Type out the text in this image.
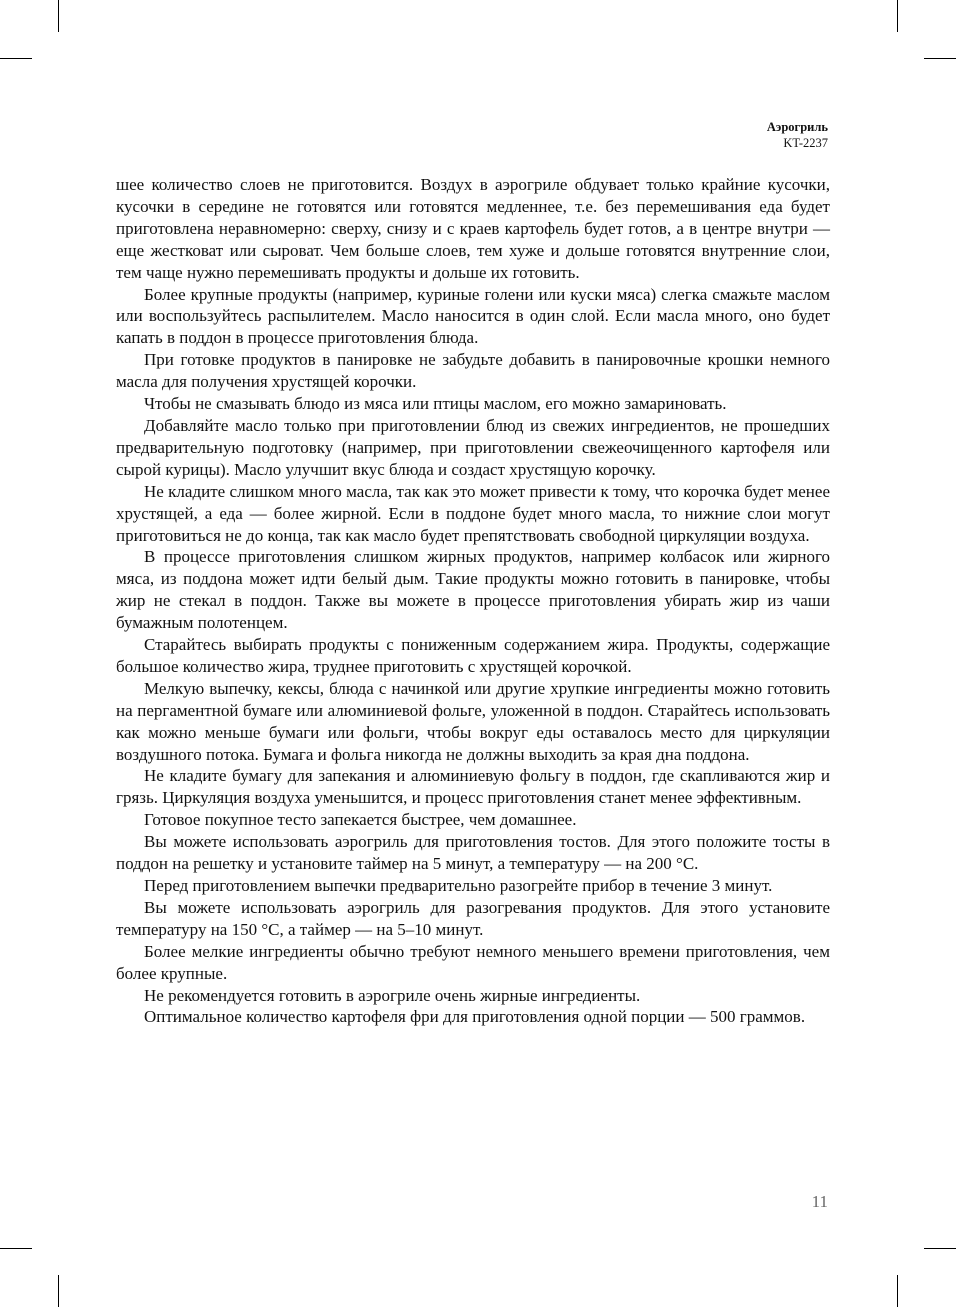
Аэрогриль
KT-2237

шее количество слоев не приготовится. Воздух в аэрогриле обдувает только крайние кусочки, кусочки в середине не готовятся или готовятся медленнее, т.е. без перемешивания еда будет приготовлена неравномерно: сверху, снизу и с краев картофель будет готов, а в центре внутри — еще жестковат или сыроват. Чем больше слоев, тем хуже и дольше готовятся внутренние слои, тем чаще нужно перемешивать продукты и дольше их готовить.

Более крупные продукты (например, куриные голени или куски мяса) слегка смажьте маслом или воспользуйтесь распылителем. Масло наносится в один слой. Если масла много, оно будет капать в поддон в процессе приготовления блюда.

При готовке продуктов в панировке не забудьте добавить в панировочные крошки немного масла для получения хрустящей корочки.

Чтобы не смазывать блюдо из мяса или птицы маслом, его можно замариновать.

Добавляйте масло только при приготовлении блюд из свежих ингредиентов, не прошедших предварительную подготовку (например, при приготовлении свежеочищенного картофеля или сырой курицы). Масло улучшит вкус блюда и создаст хрустящую корочку.

Не кладите слишком много масла, так как это может привести к тому, что корочка будет менее хрустящей, а еда — более жирной. Если в поддоне будет много масла, то нижние слои могут приготовиться не до конца, так как масло будет препятствовать свободной циркуляции воздуха.

В процессе приготовления слишком жирных продуктов, например колбасок или жирного мяса, из поддона может идти белый дым. Такие продукты можно готовить в панировке, чтобы жир не стекал в поддон. Также вы можете в процессе приготовления убирать жир из чаши бумажным полотенцем.

Старайтесь выбирать продукты с пониженным содержанием жира. Продукты, содержащие большое количество жира, труднее приготовить с хрустящей корочкой.

Мелкую выпечку, кексы, блюда с начинкой или другие хрупкие ингредиенты можно готовить на пергаментной бумаге или алюминиевой фольге, уложенной в поддон. Старайтесь использовать как можно меньше бумаги или фольги, чтобы вокруг еды оставалось место для циркуляции воздушного потока. Бумага и фольга никогда не должны выходить за края дна поддона.

Не кладите бумагу для запекания и алюминиевую фольгу в поддон, где скапливаются жир и грязь. Циркуляция воздуха уменьшится, и процесс приготовления станет менее эффективным.

Готовое покупное тесто запекается быстрее, чем домашнее.

Вы можете использовать аэрогриль для приготовления тостов. Для этого положите тосты в поддон на решетку и установите таймер на 5 минут, а температуру — на 200 °С.

Перед приготовлением выпечки предварительно разогрейте прибор в течение 3 минут.

Вы можете использовать аэрогриль для разогревания продуктов. Для этого установите температуру на 150 °С, а таймер — на 5–10 минут.

Более мелкие ингредиенты обычно требуют немного меньшего времени приготовления, чем более крупные.

Не рекомендуется готовить в аэрогриле очень жирные ингредиенты.

Оптимальное количество картофеля фри для приготовления одной порции — 500 граммов.

11
